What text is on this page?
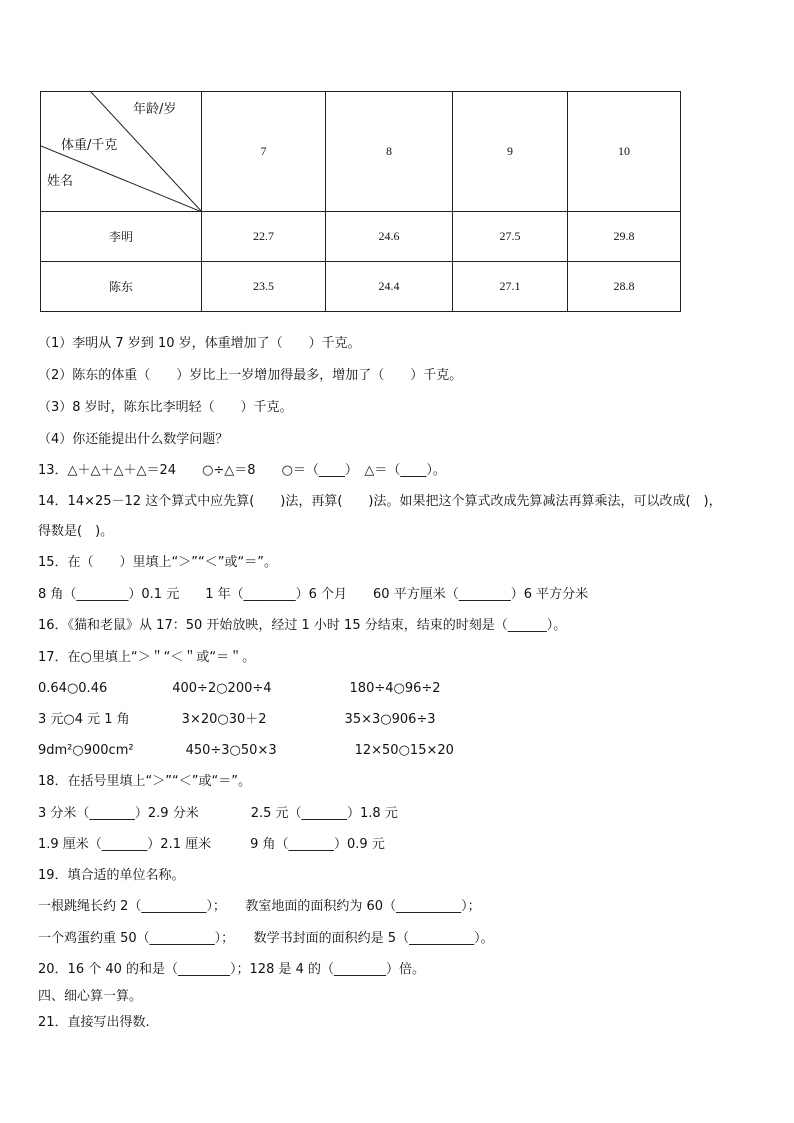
年龄/岁
体重/千克
姓名	7	8	9	10
李明	22.7	24.6	27.5	29.8
陈东	23.5	24.4	27.1	28.8
（1）李明从 7 岁到 10 岁，体重增加了（　　）千克。
（2）陈东的体重（　　）岁比上一岁增加得最多，增加了（　　）千克。
（3）8 岁时，陈东比李明轻（　　）千克。
（4）你还能提出什么数学问题？
13．△＋△＋△＋△＝24　　○÷△＝8　　○＝（____）　△＝（____）。
14．14×25－12 这个算式中应先算(　　)法，再算(　　)法。如果把这个算式改成先算减法再算乘法，可以改成(　)，
得数是(　)。
15．在（　　）里填上“＞”“＜”或“＝”。
8 角（________）0.1 元　　1 年（________）6 个月　　60 平方厘米（________）6 平方分米
16．《猫和老鼠》从 17：50 开始放映，经过 1 小时 15 分结束，结束的时刻是（______）。
17．在○里填上“＞＂“＜＂或“＝＂。
0.64○0.46　　　　　400÷2○200÷4　　　　　　180÷4○96÷2
3 元○4 元 1 角　　　　3×20○30＋2　　　　　　35×3○906÷3
9dm²○900cm²　　　　450÷3○50×3　　　　　　12×50○15×20
18．在括号里填上“＞”“＜”或“＝”。
3 分米（_______）2.9 分米　　　　2.5 元（_______）1.8 元
1.9 厘米（_______）2.1 厘米　　　9 角（_______）0.9 元
19．填合适的单位名称。
一根跳绳长约 2（__________）；　　教室地面的面积约为 60（__________）；
一个鸡蛋约重 50（__________）；　　数学书封面的面积约是 5（__________）。
20．16 个 40 的和是（________）；128 是 4 的（________）倍。
四、细心算一算。
21．直接写出得数.
